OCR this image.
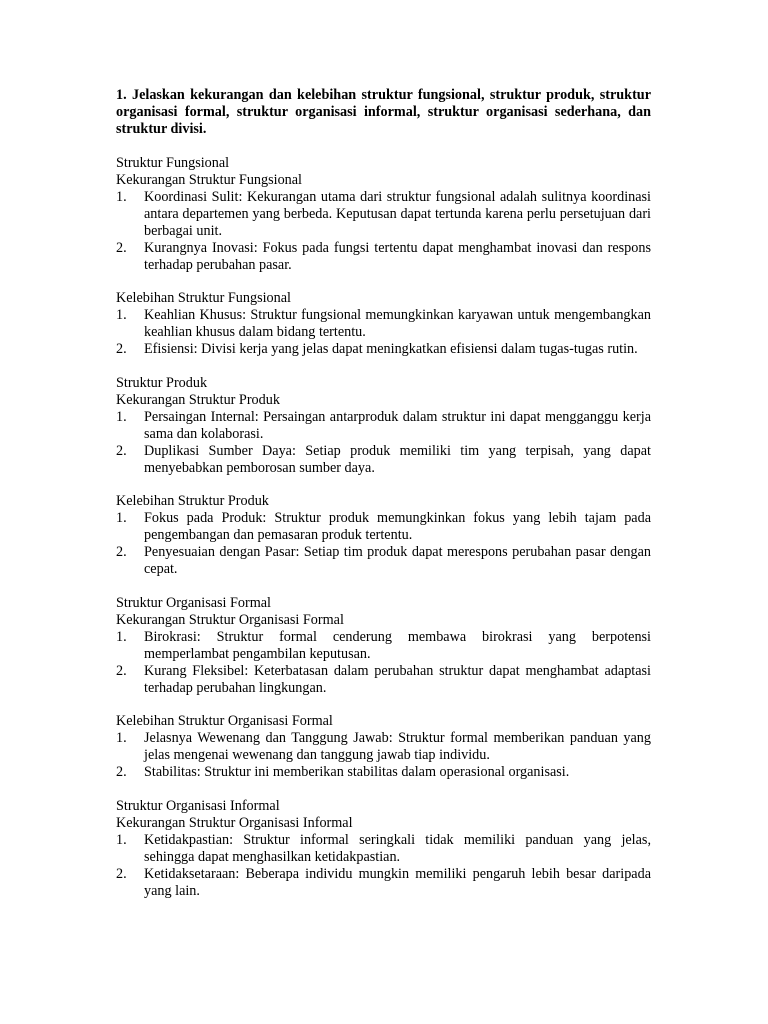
1. Jelaskan kekurangan dan kelebihan struktur fungsional, struktur produk, struktur organisasi formal, struktur organisasi informal, struktur organisasi sederhana, dan struktur divisi.

Struktur Fungsional

Kekurangan Struktur Fungsional

1. Koordinasi Sulit: Kekurangan utama dari struktur fungsional adalah sulitnya koordinasi antara departemen yang berbeda. Keputusan dapat tertunda karena perlu persetujuan dari berbagai unit.
2. Kurangnya Inovasi: Fokus pada fungsi tertentu dapat menghambat inovasi dan respons terhadap perubahan pasar.

Kelebihan Struktur Fungsional

1. Keahlian Khusus: Struktur fungsional memungkinkan karyawan untuk mengembangkan keahlian khusus dalam bidang tertentu.
2. Efisiensi: Divisi kerja yang jelas dapat meningkatkan efisiensi dalam tugas-tugas rutin.

Struktur Produk

Kekurangan Struktur Produk

1. Persaingan Internal: Persaingan antarproduk dalam struktur ini dapat mengganggu kerja sama dan kolaborasi.
2. Duplikasi Sumber Daya: Setiap produk memiliki tim yang terpisah, yang dapat menyebabkan pemborosan sumber daya.

Kelebihan Struktur Produk

1. Fokus pada Produk: Struktur produk memungkinkan fokus yang lebih tajam pada pengembangan dan pemasaran produk tertentu.
2. Penyesuaian dengan Pasar: Setiap tim produk dapat merespons perubahan pasar dengan cepat.

Struktur Organisasi Formal

Kekurangan Struktur Organisasi Formal

1. Birokrasi: Struktur formal cenderung membawa birokrasi yang berpotensi memperlambat pengambilan keputusan.
2. Kurang Fleksibel: Keterbatasan dalam perubahan struktur dapat menghambat adaptasi terhadap perubahan lingkungan.

Kelebihan Struktur Organisasi Formal

1. Jelasnya Wewenang dan Tanggung Jawab: Struktur formal memberikan panduan yang jelas mengenai wewenang dan tanggung jawab tiap individu.
2. Stabilitas: Struktur ini memberikan stabilitas dalam operasional organisasi.

Struktur Organisasi Informal

Kekurangan Struktur Organisasi Informal

1. Ketidakpastian: Struktur informal seringkali tidak memiliki panduan yang jelas, sehingga dapat menghasilkan ketidakpastian.
2. Ketidaksetaraan: Beberapa individu mungkin memiliki pengaruh lebih besar daripada yang lain.
